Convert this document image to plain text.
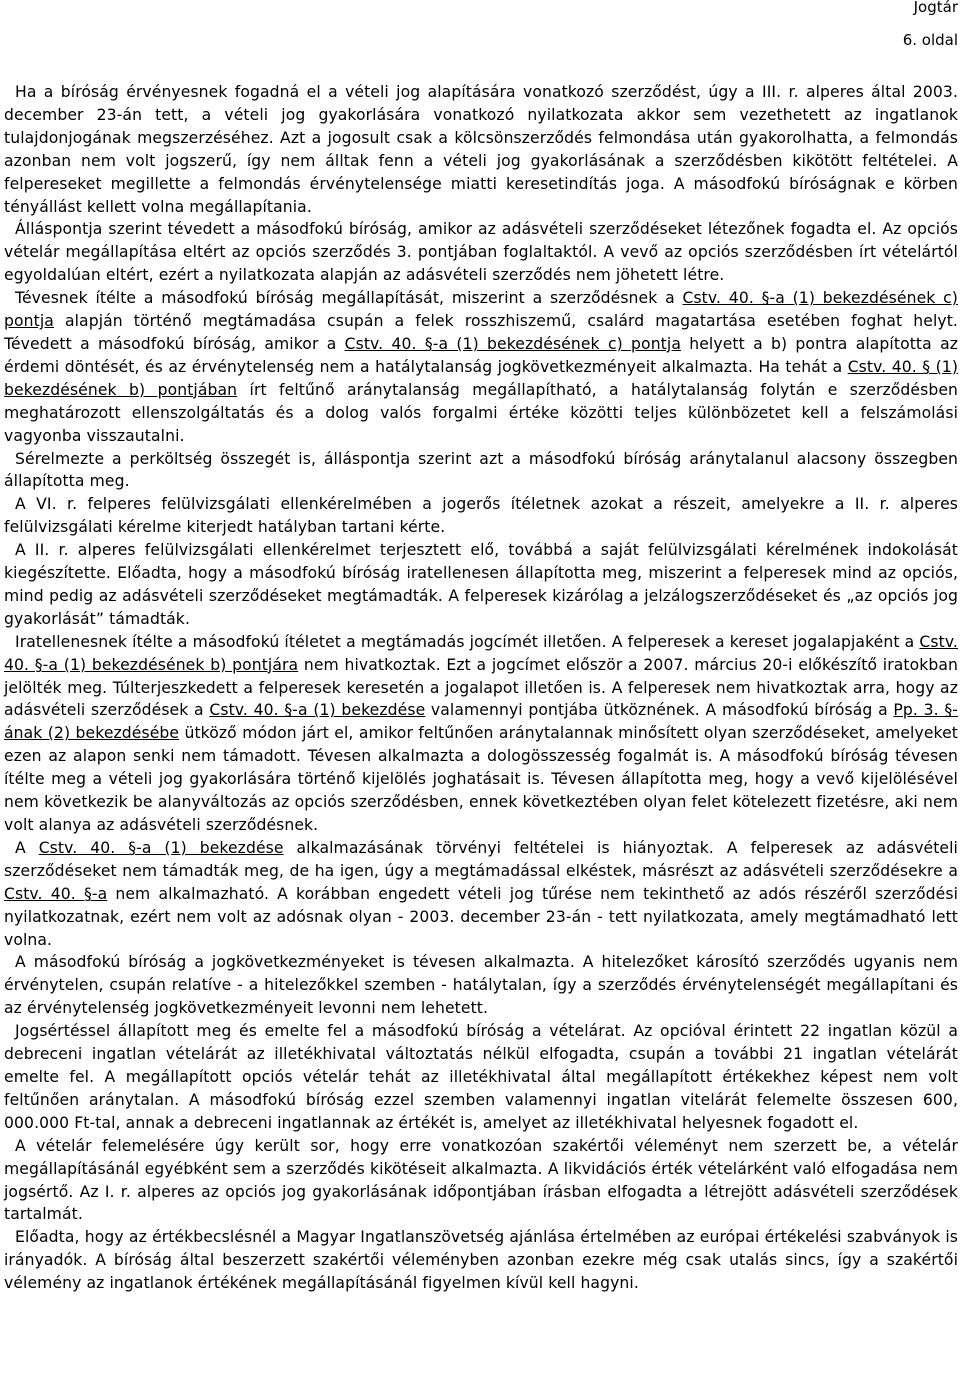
Jogtár
6. oldal

Ha a bíróság érvényesnek fogadná el a vételi jog alapítására vonatkozó szerződést, úgy a III. r. alperes által 2003. december 23-án tett, a vételi jog gyakorlására vonatkozó nyilatkozata akkor sem vezethetett az ingatlanok tulajdonjogának megszerzéséhez. Azt a jogosult csak a kölcsönszerződés felmondása után gyakorolhatta, a felmondás azonban nem volt jogszerű, így nem álltak fenn a vételi jog gyakorlásának a szerződésben kikötött feltételei. A felpereseket megillette a felmondás érvénytelensége miatti keresetindítás joga. A másodfokú bíróságnak e körben tényállást kellett volna megállapítania.

Álláspontja szerint tévedett a másodfokú bíróság, amikor az adásvételi szerződéseket létezőnek fogadta el. Az opciós vételár megállapítása eltért az opciós szerződés 3. pontjában foglaltaktól. A vevő az opciós szerződésben írt vételártól egyoldalúan eltért, ezért a nyilatkozata alapján az adásvételi szerződés nem jöhetett létre.

Tévesnek ítélte a másodfokú bíróság megállapítását, miszerint a szerződésnek a Cstv. 40. §-a (1) bekezdésének c) pontja alapján történő megtámadása csupán a felek rosszhiszemű, csalárd magatartása esetében foghat helyt. Tévedett a másodfokú bíróság, amikor a Cstv. 40. §-a (1) bekezdésének c) pontja helyett a b) pontra alapította az érdemi döntését, és az érvénytelenség nem a hatálytalanság jogkövetkezményeit alkalmazta. Ha tehát a Cstv. 40. § (1) bekezdésének b) pontjában írt feltűnő aránytalanság megállapítható, a hatálytalanság folytán e szerződésben meghatározott ellenszolgáltatás és a dolog valós forgalmi értéke közötti teljes különbözetet kell a felszámolási vagyonba visszautalni.

Sérelmezte a perköltség összegét is, álláspontja szerint azt a másodfokú bíróság aránytalanul alacsony összegben állapította meg.

A VI. r. felperes felülvizsgálati ellenkérelmében a jogerős ítéletnek azokat a részeit, amelyekre a II. r. alperes felülvizsgálati kérelme kiterjedt hatályban tartani kérte.

A II. r. alperes felülvizsgálati ellenkérelmet terjesztett elő, továbbá a saját felülvizsgálati kérelmének indokolását kiegészítette. Előadta, hogy a másodfokú bíróság iratellenesen állapította meg, miszerint a felperesek mind az opciós, mind pedig az adásvételi szerződéseket megtámadták. A felperesek kizárólag a jelzálogszerződéseket és „az opciós jog gyakorlását” támadták.

Iratellenesnek ítélte a másodfokú ítéletet a megtámadás jogcímét illetően. A felperesek a kereset jogalapjaként a Cstv. 40. §-a (1) bekezdésének b) pontjára nem hivatkoztak. Ezt a jogcímet először a 2007. március 20-i előkészítő iratokban jelölték meg. Túlterjeszkedett a felperesek keresetén a jogalapot illetően is. A felperesek nem hivatkoztak arra, hogy az adásvételi szerződések a Cstv. 40. §-a (1) bekezdése valamennyi pontjába ütköznének. A másodfokú bíróság a Pp. 3. §-ának (2) bekezdésébe ütköző módon járt el, amikor feltűnően aránytalannak minősített olyan szerződéseket, amelyeket ezen az alapon senki nem támadott. Tévesen alkalmazta a dologösszesség fogalmát is. A másodfokú bíróság tévesen ítélte meg a vételi jog gyakorlására történő kijelölés joghatásait is. Tévesen állapította meg, hogy a vevő kijelölésével nem következik be alanyváltozás az opciós szerződésben, ennek következtében olyan felet kötelezett fizetésre, aki nem volt alanya az adásvételi szerződésnek.

A Cstv. 40. §-a (1) bekezdése alkalmazásának törvényi feltételei is hiányoztak. A felperesek az adásvételi szerződéseket nem támadták meg, de ha igen, úgy a megtámadással elkéstek, másrészt az adásvételi szerződésekre a Cstv. 40. §-a nem alkalmazható. A korábban engedett vételi jog tűrése nem tekinthető az adós részéről szerződési nyilatkozatnak, ezért nem volt az adósnak olyan - 2003. december 23-án - tett nyilatkozata, amely megtámadható lett volna.

A másodfokú bíróság a jogkövetkezményeket is tévesen alkalmazta. A hitelezőket károsító szerződés ugyanis nem érvénytelen, csupán relatíve - a hitelezőkkel szemben - hatálytalan, így a szerződés érvénytelenségét megállapítani és az érvénytelenség jogkövetkezményeit levonni nem lehetett.

Jogsértéssel állapított meg és emelte fel a másodfokú bíróság a vételárat. Az opcióval érintett 22 ingatlan közül a debreceni ingatlan vételárát az illetékhivatal változtatás nélkül elfogadta, csupán a további 21 ingatlan vételárát emelte fel. A megállapított opciós vételár tehát az illetékhivatal által megállapított értékekhez képest nem volt feltűnően aránytalan. A másodfokú bíróság ezzel szemben valamennyi ingatlan vitelárát felemelte összesen 600, 000.000 Ft-tal, annak a debreceni ingatlannak az értékét is, amelyet az illetékhivatal helyesnek fogadott el.

A vételár felemelésére úgy került sor, hogy erre vonatkozóan szakértői véleményt nem szerzett be, a vételár megállapításánál egyébként sem a szerződés kikötéseit alkalmazta. A likvidációs érték vételárként való elfogadása nem jogsértő. Az I. r. alperes az opciós jog gyakorlásának időpontjában írásban elfogadta a létrejött adásvételi szerződések tartalmát.

Előadta, hogy az értékbecslésnél a Magyar Ingatlanszövetség ajánlása értelmében az európai értékelési szabványok is irányadók. A bíróság által beszerzett szakértői véleményben azonban ezekre még csak utalás sincs, így a szakértői vélemény az ingatlanok értékének megállapításánál figyelmen kívül kell hagyni.
